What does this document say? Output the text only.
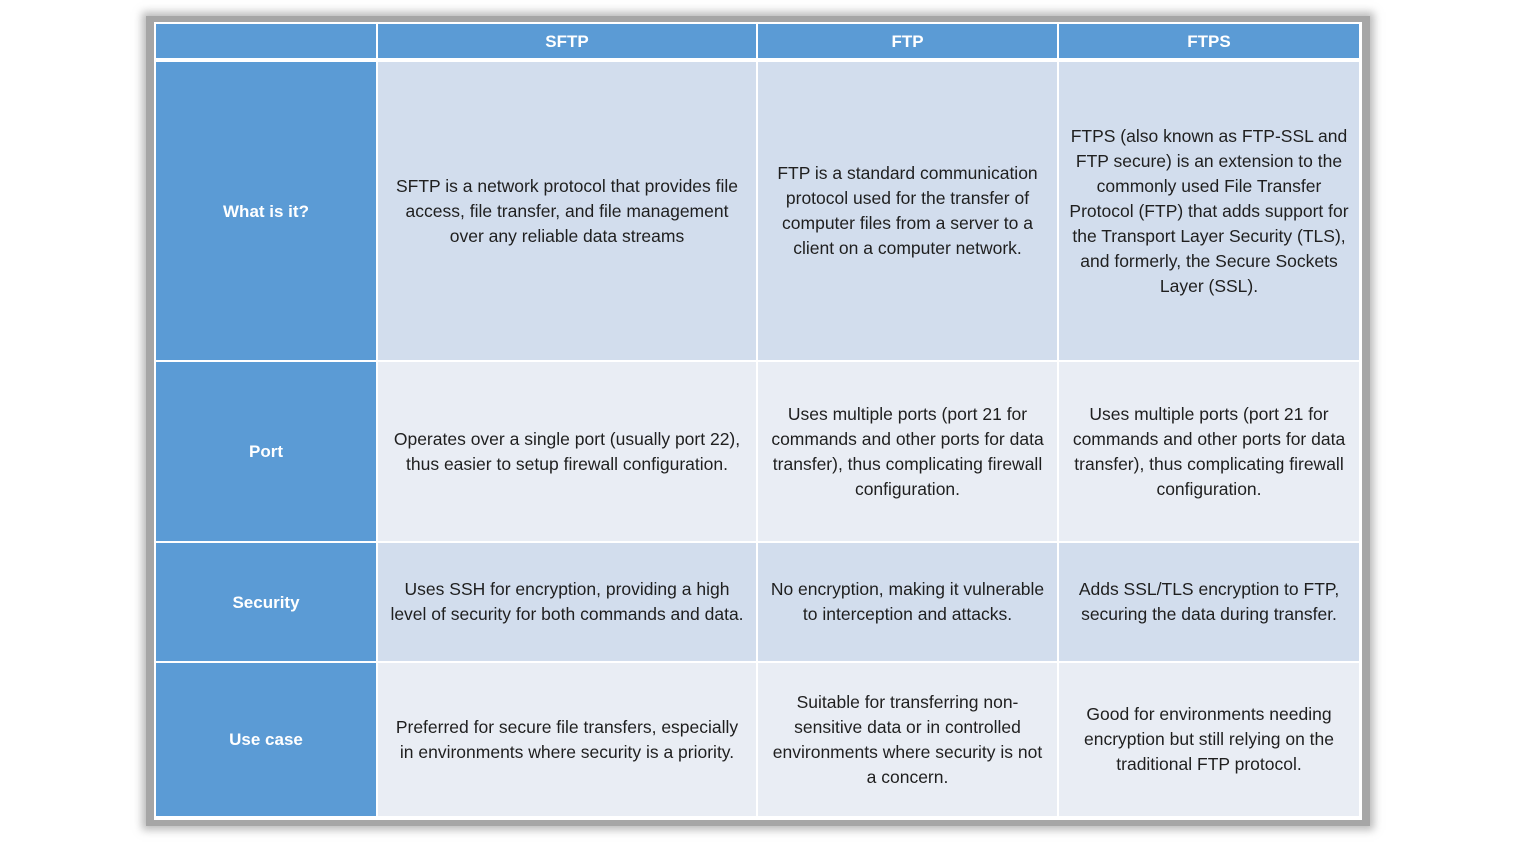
	SFTP	FTP	FTPS
What is it?	SFTP is a network protocol that provides file access, file transfer, and file management over any reliable data streams	FTP is a standard communication protocol used for the transfer of computer files from a server to a client on a computer network.	FTPS (also known as FTP-SSL and FTP secure) is an extension to the commonly used File Transfer Protocol (FTP) that adds support for the Transport Layer Security (TLS), and formerly, the Secure Sockets Layer (SSL).
Port	Operates over a single port (usually port 22), thus easier to setup firewall configuration.	Uses multiple ports (port 21 for commands and other ports for data transfer), thus complicating firewall configuration.	Uses multiple ports (port 21 for commands and other ports for data transfer), thus complicating firewall configuration.
Security	Uses SSH for encryption, providing a high level of security for both commands and data.	No encryption, making it vulnerable to interception and attacks.	Adds SSL/TLS encryption to FTP, securing the data during transfer.
Use case	Preferred for secure file transfers, especially in environments where security is a priority.	Suitable for transferring non-sensitive data or in controlled environments where security is not a concern.	Good for environments needing encryption but still relying on the traditional FTP protocol.
